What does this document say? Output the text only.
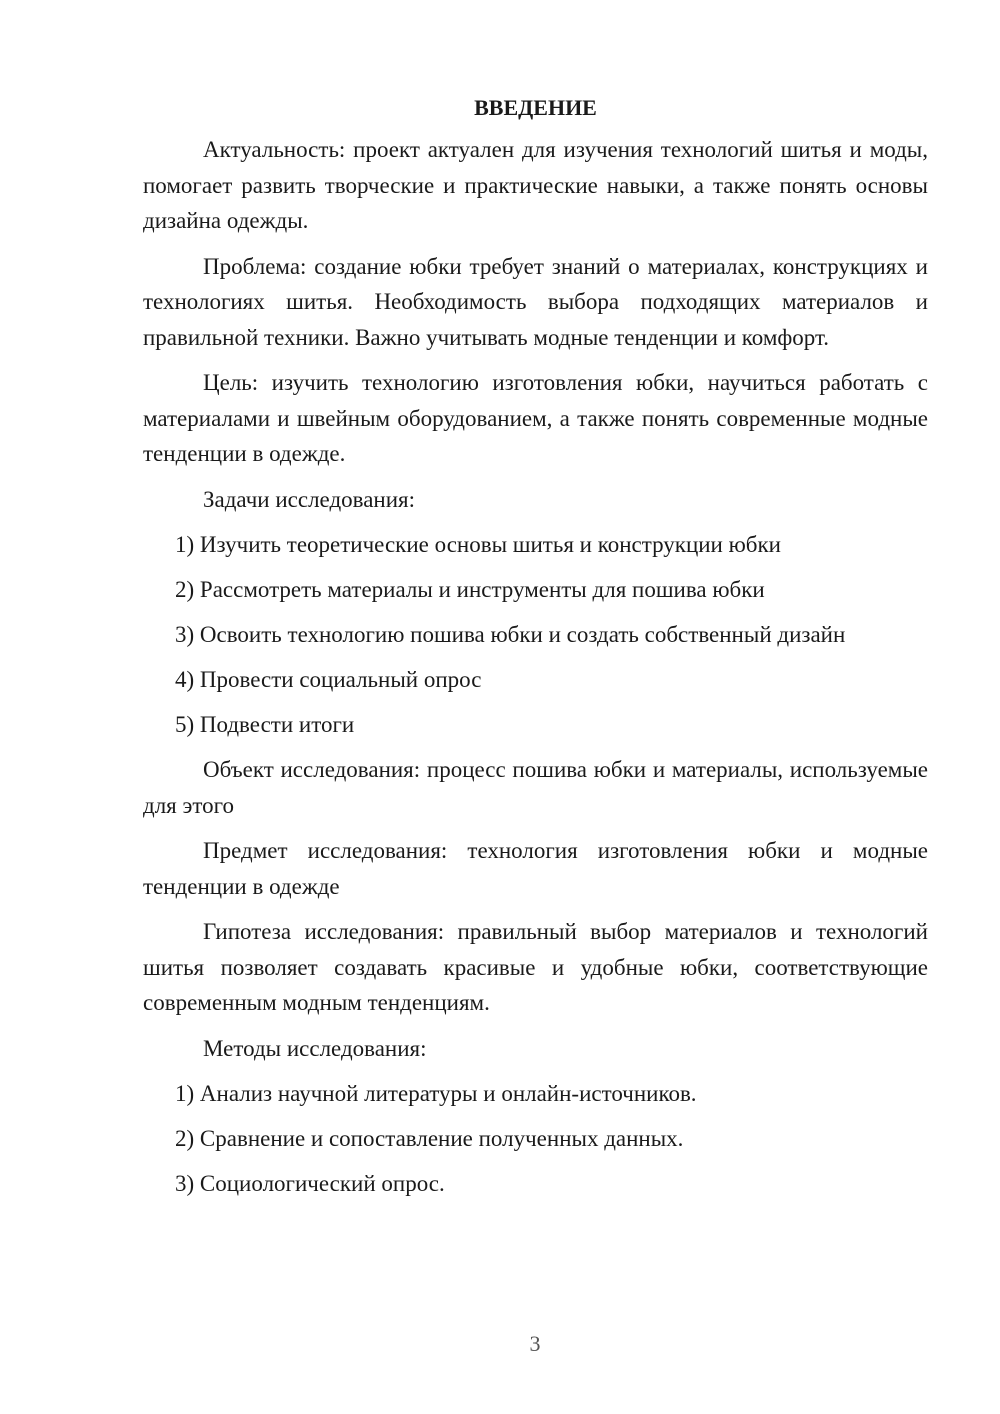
ВВЕДЕНИЕ

Актуальность: проект актуален для изучения технологий шитья и моды, помогает развить творческие и практические навыки, а также понять основы дизайна одежды.

Проблема: создание юбки требует знаний о материалах, конструкциях и технологиях шитья. Необходимость выбора подходящих материалов и правильной техники. Важно учитывать модные тенденции и комфорт.

Цель: изучить технологию изготовления юбки, научиться работать с материалами и швейным оборудованием, а также понять современные модные тенденции в одежде.

Задачи исследования:

1) Изучить теоретические основы шитья и конструкции юбки
2) Рассмотреть материалы и инструменты для пошива юбки
3) Освоить технологию пошива юбки и создать собственный дизайн
4) Провести социальный опрос
5) Подвести итоги

Объект исследования: процесс пошива юбки и материалы, используемые для этого

Предмет исследования: технология изготовления юбки и модные тенденции в одежде

Гипотеза исследования: правильный выбор материалов и технологий шитья позволяет создавать красивые и удобные юбки, соответствующие современным модным тенденциям.

Методы исследования:

1) Анализ научной литературы и онлайн-источников.
2) Сравнение и сопоставление полученных данных.
3) Социологический опрос.
3
